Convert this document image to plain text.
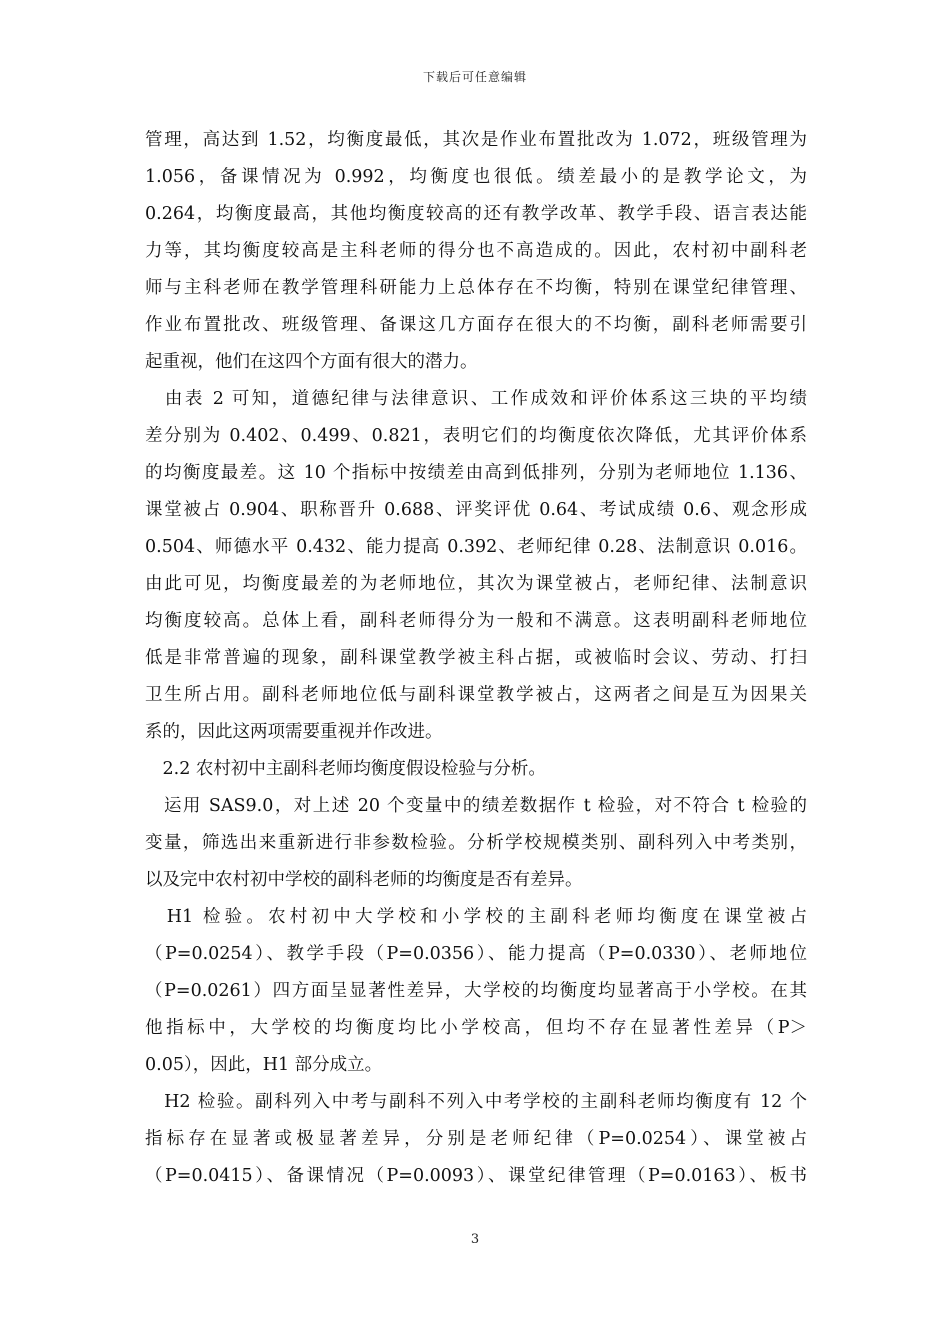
下载后可任意编辑
管理，高达到 1.52，均衡度最低，其次是作业布置批改为 1.072，班级管理为
1.056，备课情况为 0.992，均衡度也很低。绩差最小的是教学论文，为
0.264，均衡度最高，其他均衡度较高的还有教学改革、教学手段、语言表达能
力等，其均衡度较高是主科老师的得分也不高造成的。因此，农村初中副科老
师与主科老师在教学管理科研能力上总体存在不均衡，特别在课堂纪律管理、
作业布置批改、班级管理、备课这几方面存在很大的不均衡，副科老师需要引
起重视，他们在这四个方面有很大的潜力。
　由表 2 可知，道德纪律与法律意识、工作成效和评价体系这三块的平均绩
差分别为 0.402、0.499、0.821，表明它们的均衡度依次降低，尤其评价体系
的均衡度最差。这 10 个指标中按绩差由高到低排列，分别为老师地位 1.136、
课堂被占 0.904、职称晋升 0.688、评奖评优 0.64、考试成绩 0.6、观念形成
0.504、师德水平 0.432、能力提高 0.392、老师纪律 0.28、法制意识 0.016。
由此可见，均衡度最差的为老师地位，其次为课堂被占，老师纪律、法制意识
均衡度较高。总体上看，副科老师得分为一般和不满意。这表明副科老师地位
低是非常普遍的现象，副科课堂教学被主科占据，或被临时会议、劳动、打扫
卫生所占用。副科老师地位低与副科课堂教学被占，这两者之间是互为因果关
系的，因此这两项需要重视并作改进。
　2.2 农村初中主副科老师均衡度假设检验与分析。
　运用 SAS9.0，对上述 20 个变量中的绩差数据作 t 检验，对不符合 t 检验的
变量，筛选出来重新进行非参数检验。分析学校规模类别、副科列入中考类别，
以及完中农村初中学校的副科老师的均衡度是否有差异。
　H1 检验。农村初中大学校和小学校的主副科老师均衡度在课堂被占
（P=0.0254）、教学手段（P=0.0356）、能力提高（P=0.0330）、老师地位
（P=0.0261）四方面呈显著性差异，大学校的均衡度均显著高于小学校。在其
他指标中，大学校的均衡度均比小学校高，但均不存在显著性差异（P＞
0.05），因此，H1 部分成立。
　H2 检验。副科列入中考与副科不列入中考学校的主副科老师均衡度有 12 个
指标存在显著或极显著差异，分别是老师纪律（P=0.0254）、课堂被占
（P=0.0415）、备课情况（P=0.0093）、课堂纪律管理（P=0.0163）、板书
3
